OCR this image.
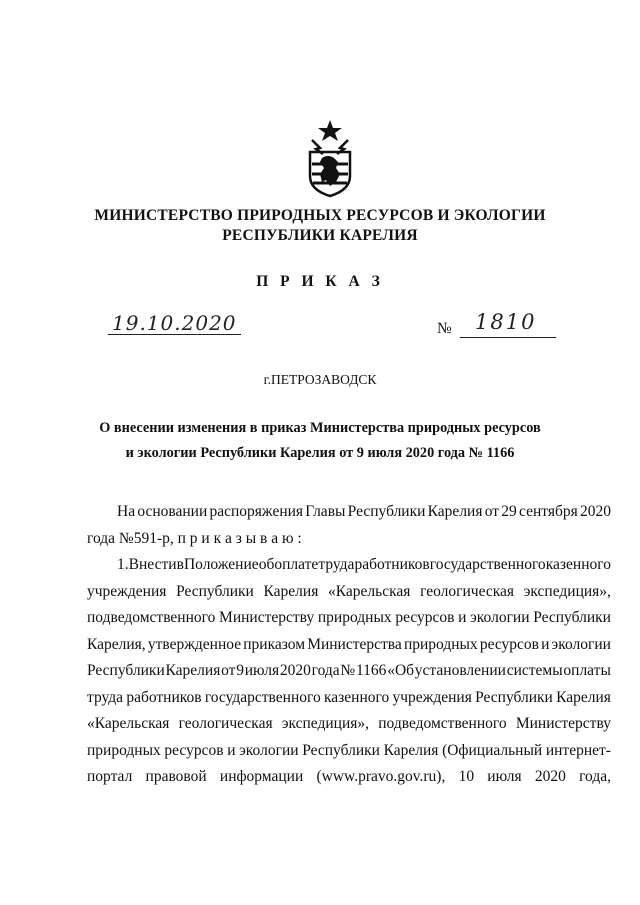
МИНИСТЕРСТВО ПРИРОДНЫХ РЕСУРСОВ И ЭКОЛОГИИ
РЕСПУБЛИКИ КАРЕЛИЯ
П Р И К А З
19.10.2020	№ 1810
г.ПЕТРОЗАВОДСК
О внесении изменения в приказ Министерства природных ресурсов
и экологии Республики Карелия от 9 июля 2020 года № 1166
На основании распоряжения Главы Республики Карелия от 29 сентября 2020
года №591-р, п р и к а з ы в а ю :
1. Внести в Положение об оплате труда работников государственного казенного
учреждения Республики Карелия «Карельская геологическая экспедиция»,
подведомственного Министерству природных ресурсов и экологии Республики
Карелия, утвержденное приказом Министерства природных ресурсов и экологии
Республики Карелия от 9 июля 2020 года № 1166 «Об установлении системы оплаты
труда работников государственного казенного учреждения Республики Карелия
«Карельская геологическая экспедиция», подведомственного Министерству
природных ресурсов и экологии Республики Карелия (Официальный интернет-
портал правовой информации (www.pravo.gov.ru), 10 июля 2020 года,
